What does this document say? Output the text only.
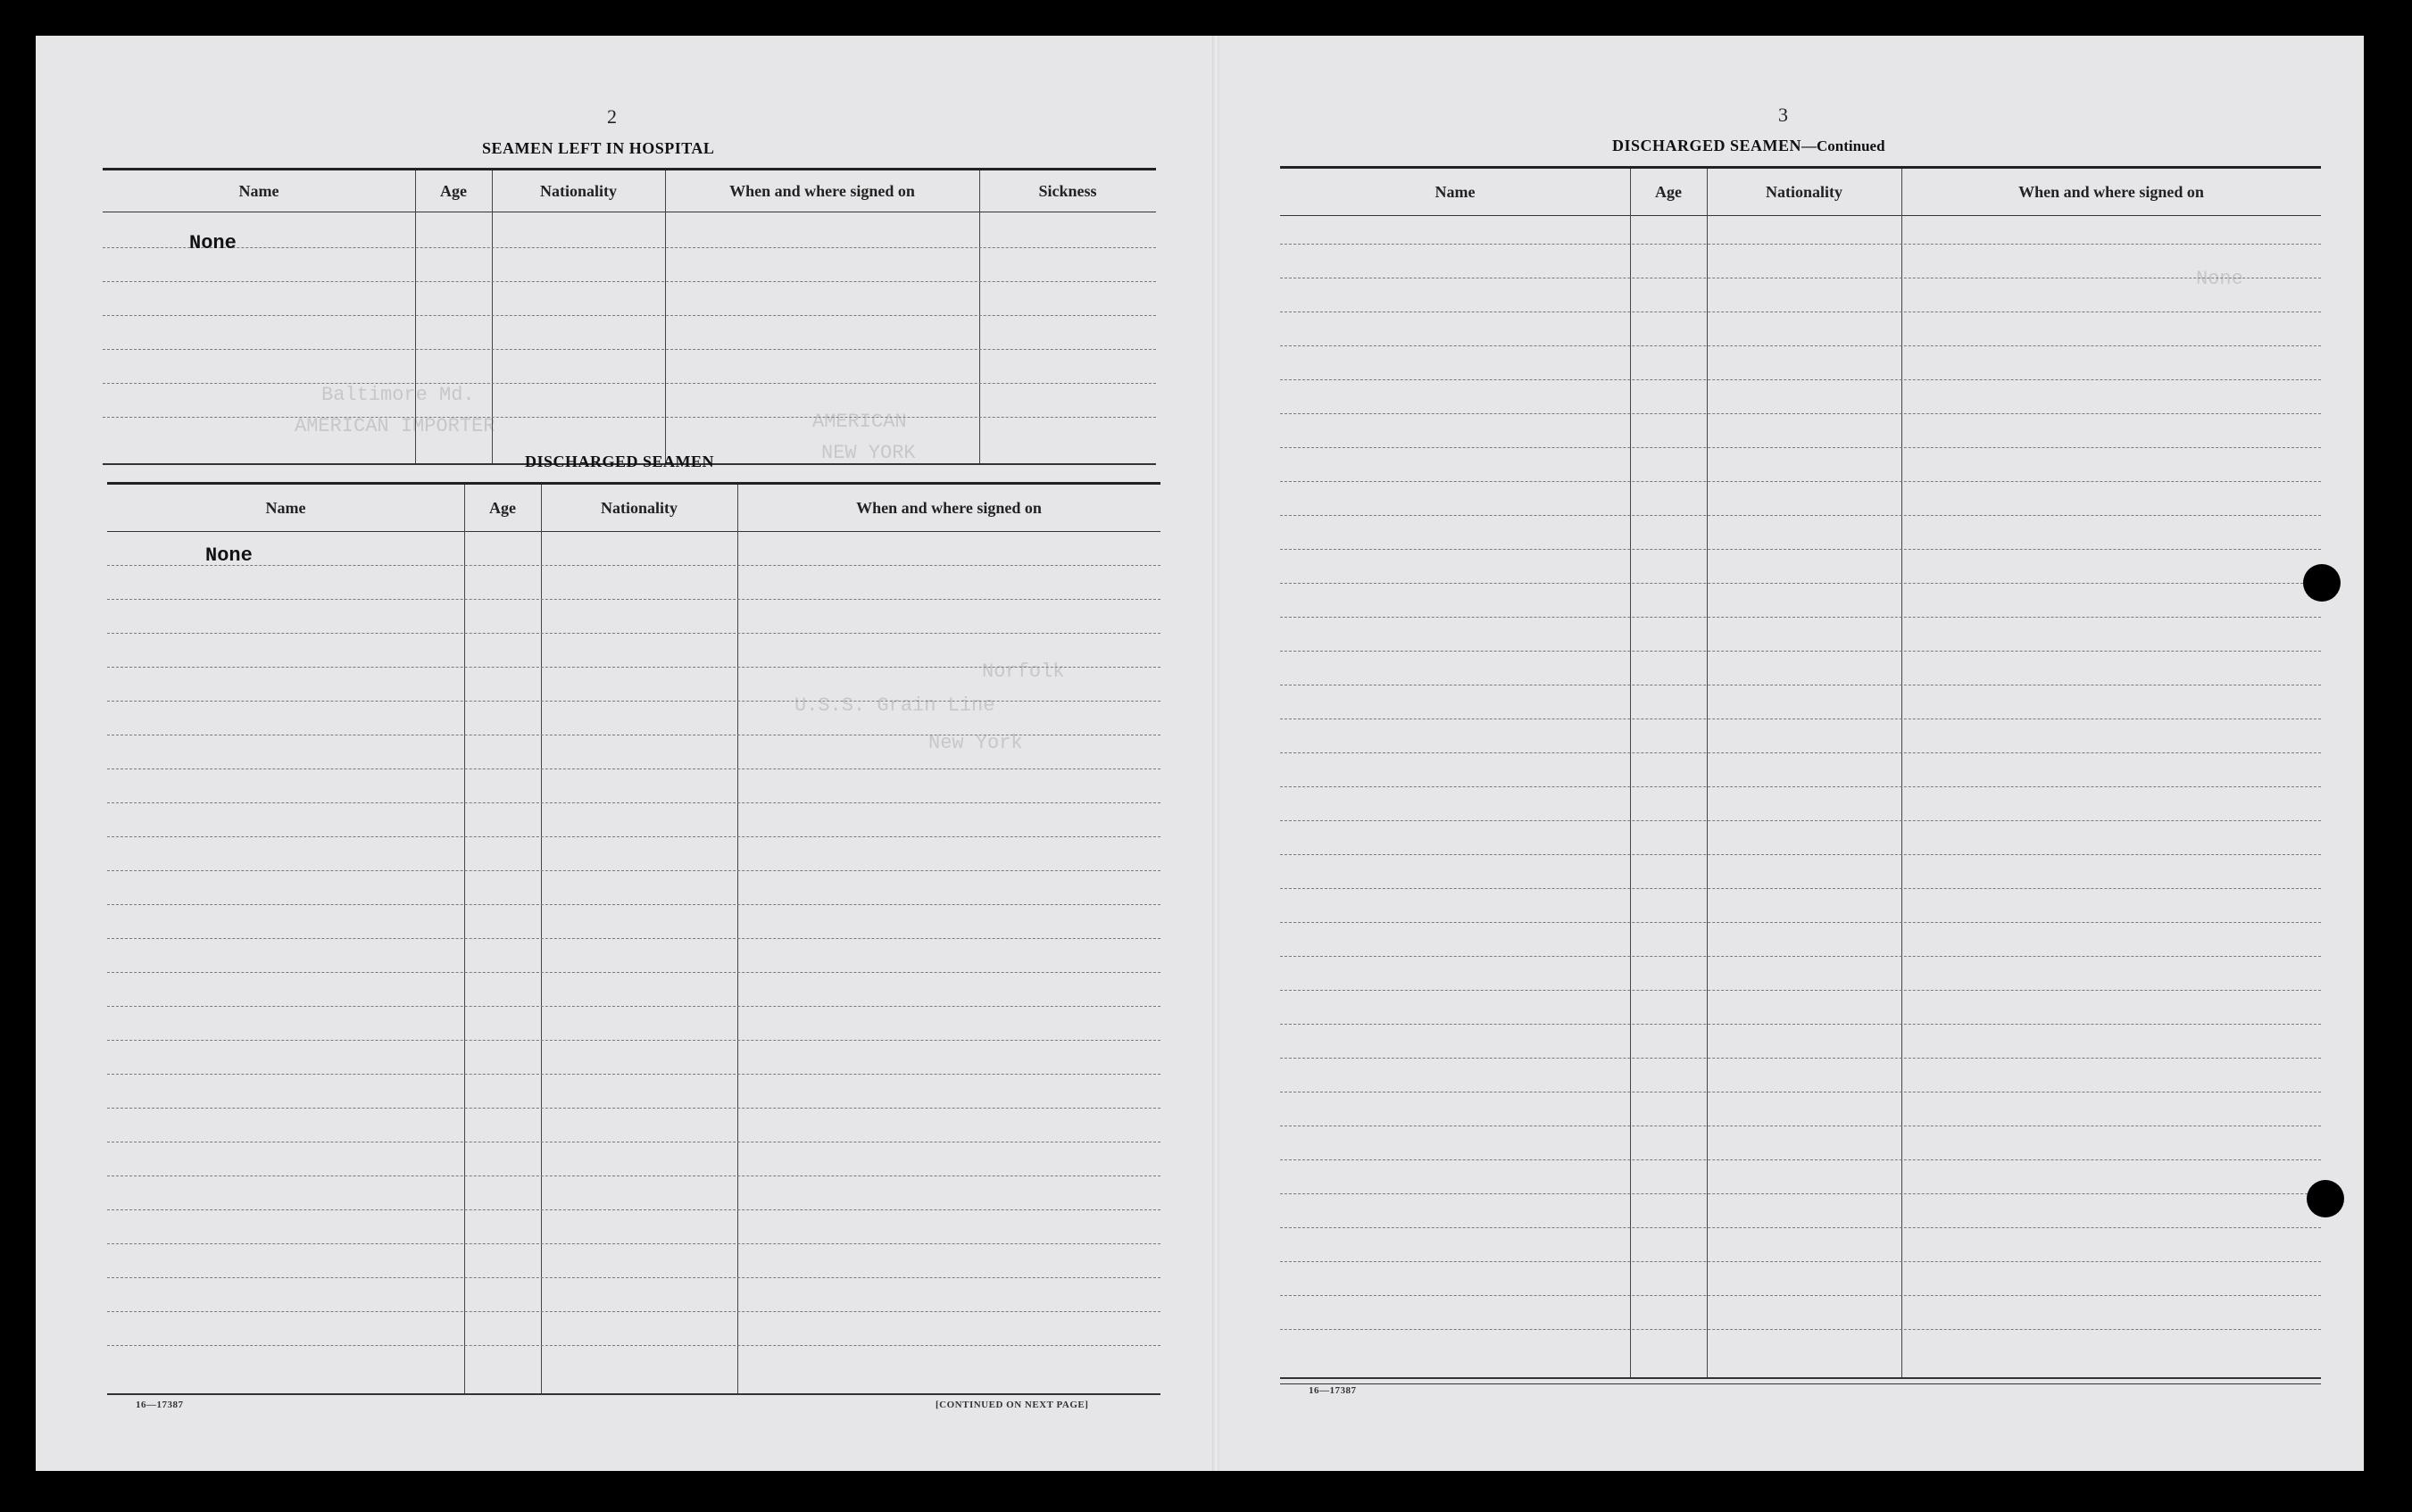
Baltimore Md.
AMERICAN IMPORTER	AMERICAN
NEW YORK
Norfolk
U.S.S. Grain Line
New York
None
2
SEAMEN LEFT IN HOSPITAL
Name	Age	Nationality	When and where signed on	Sickness
None
DISCHARGED SEAMEN
Name	Age	Nationality	When and where signed on
None
16—17387	[CONTINUED ON NEXT PAGE]
3
DISCHARGED SEAMEN—Continued
Name	Age	Nationality	When and where signed on
16—17387
